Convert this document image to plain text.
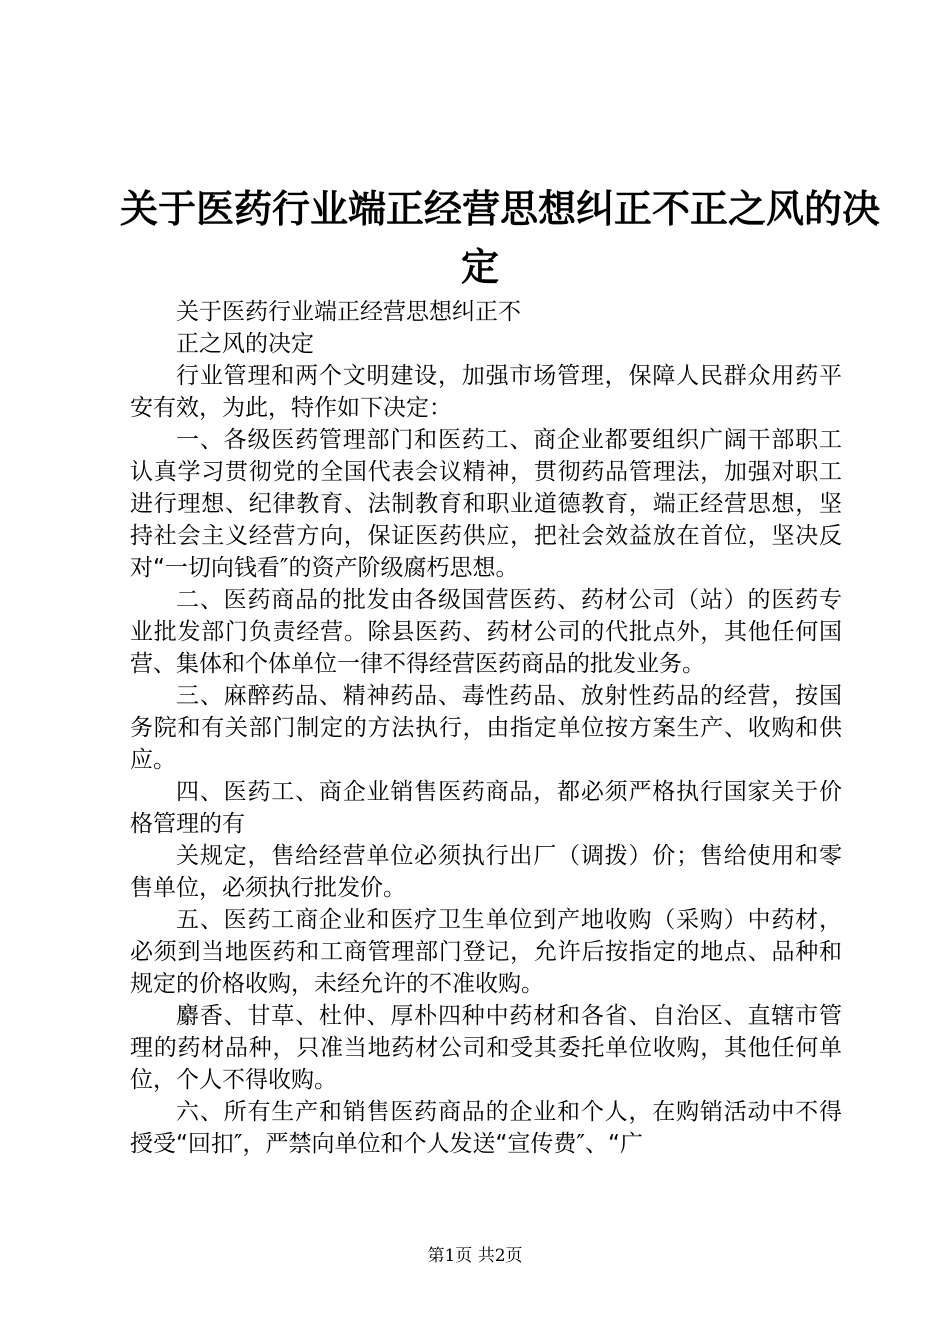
关于医药行业端正经营思想纠正不正之风的决
定

关于医药行业端正经营思想纠正不

正之风的决定

行业管理和两个文明建设，加强市场管理，保障人民群众用药平安有效，为此，特作如下决定：

一、各级医药管理部门和医药工、商企业都要组织广阔干部职工认真学习贯彻党的全国代表会议精神，贯彻药品管理法，加强对职工进行理想、纪律教育、法制教育和职业道德教育，端正经营思想，坚持社会主义经营方向，保证医药供应，把社会效益放在首位，坚决反对“一切向钱看″的资产阶级腐朽思想。

二、医药商品的批发由各级国营医药、药材公司（站）的医药专业批发部门负责经营。除县医药、药材公司的代批点外，其他任何国营、集体和个体单位一律不得经营医药商品的批发业务。

三、麻醉药品、精神药品、毒性药品、放射性药品的经营，按国务院和有关部门制定的方法执行，由指定单位按方案生产、收购和供应。

四、医药工、商企业销售医药商品，都必须严格执行国家关于价格管理的有

关规定，售给经营单位必须执行出厂（调拨）价；售给使用和零售单位，必须执行批发价。

五、医药工商企业和医疗卫生单位到产地收购（采购）中药材，必须到当地医药和工商管理部门登记，允许后按指定的地点、品种和规定的价格收购，未经允许的不准收购。

麝香、甘草、杜仲、厚朴四种中药材和各省、自治区、直辖市管理的药材品种，只准当地药材公司和受其委托单位收购，其他任何单位，个人不得收购。

六、所有生产和销售医药商品的企业和个人，在购销活动中不得授受“回扣″，严禁向单位和个人发送“宣传费″、“广

第1页 共2页
